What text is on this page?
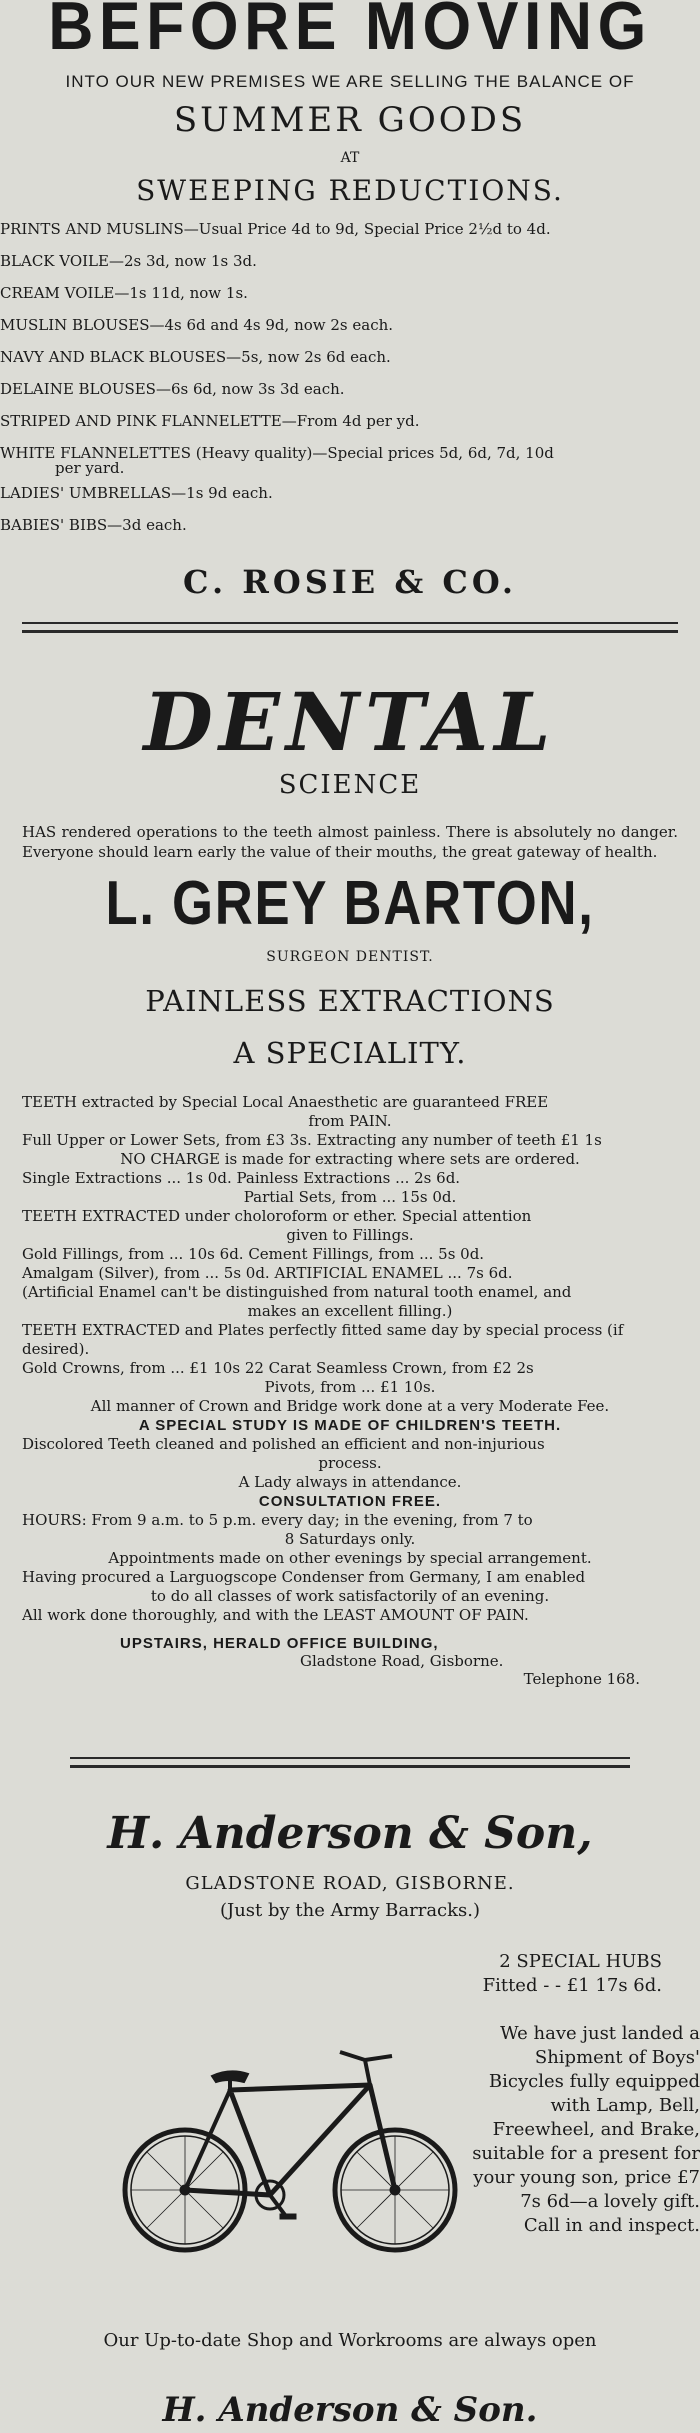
BEFORE MOVING
INTO OUR NEW PREMISES WE ARE SELLING THE BALANCE OF
SUMMER GOODS
AT
SWEEPING REDUCTIONS.
PRINTS AND MUSLINS—Usual Price 4d to 9d, Special Price 2½d to 4d.
BLACK VOILE—2s 3d, now 1s 3d.
CREAM VOILE—1s 11d, now 1s.
MUSLIN BLOUSES—4s 6d and 4s 9d, now 2s each.
NAVY AND BLACK BLOUSES—5s, now 2s 6d each.
DELAINE BLOUSES—6s 6d, now 3s 3d each.
STRIPED AND PINK FLANNELETTE—From 4d per yd.
WHITE FLANNELETTES (Heavy quality)—Special prices 5d, 6d, 7d, 10d
per yard.
LADIES' UMBRELLAS—1s 9d each.
BABIES' BIBS—3d each.
C. ROSIE & CO.
DENTAL
SCIENCE
HAS rendered operations to the teeth almost painless. There is absolutely no danger. Everyone should learn early the value of their mouths, the great gateway of health.
L. GREY BARTON,
SURGEON DENTIST.
PAINLESS EXTRACTIONS
A SPECIALITY.
TEETH extracted by Special Local Anaesthetic are guaranteed FREE
from PAIN.
Full Upper or Lower Sets, from £3 3s. Extracting any number of teeth £1 1s
NO CHARGE is made for extracting where sets are ordered.
Single Extractions ... 1s 0d. Painless Extractions ... 2s 6d.
Partial Sets, from ... 15s 0d.
TEETH EXTRACTED under choloroform or ether. Special attention
given to Fillings.
Gold Fillings, from ... 10s 6d. Cement Fillings, from ... 5s 0d.
Amalgam (Silver), from ... 5s 0d. ARTIFICIAL ENAMEL ... 7s 6d.
(Artificial Enamel can't be distinguished from natural tooth enamel, and
makes an excellent filling.)
TEETH EXTRACTED and Plates perfectly fitted same day by special process (if desired).
Gold Crowns, from ... £1 10s 22 Carat Seamless Crown, from £2 2s
Pivots, from ... £1 10s.
All manner of Crown and Bridge work done at a very Moderate Fee.
A SPECIAL STUDY IS MADE OF CHILDREN'S TEETH.
Discolored Teeth cleaned and polished an efficient and non-injurious
process.
A Lady always in attendance.
CONSULTATION FREE.
HOURS: From 9 a.m. to 5 p.m. every day; in the evening, from 7 to
8 Saturdays only.
Appointments made on other evenings by special arrangement.
Having procured a Larguogscope Condenser from Germany, I am enabled
to do all classes of work satisfactorily of an evening.
All work done thoroughly, and with the LEAST AMOUNT OF PAIN.
UPSTAIRS, HERALD OFFICE BUILDING,
Gladstone Road, Gisborne.
Telephone 168.
H. Anderson & Son,
GLADSTONE ROAD, GISBORNE.
(Just by the Army Barracks.)
2 SPECIAL HUBS
Fitted - - £1 17s 6d.
We have just landed a Shipment of Boys' Bicycles fully equipped with Lamp, Bell, Freewheel, and Brake, suitable for a present for your young son, price £7 7s 6d—a lovely gift.
Call in and inspect.
Our Up-to-date Shop and Workrooms are always open
H. Anderson & Son.
